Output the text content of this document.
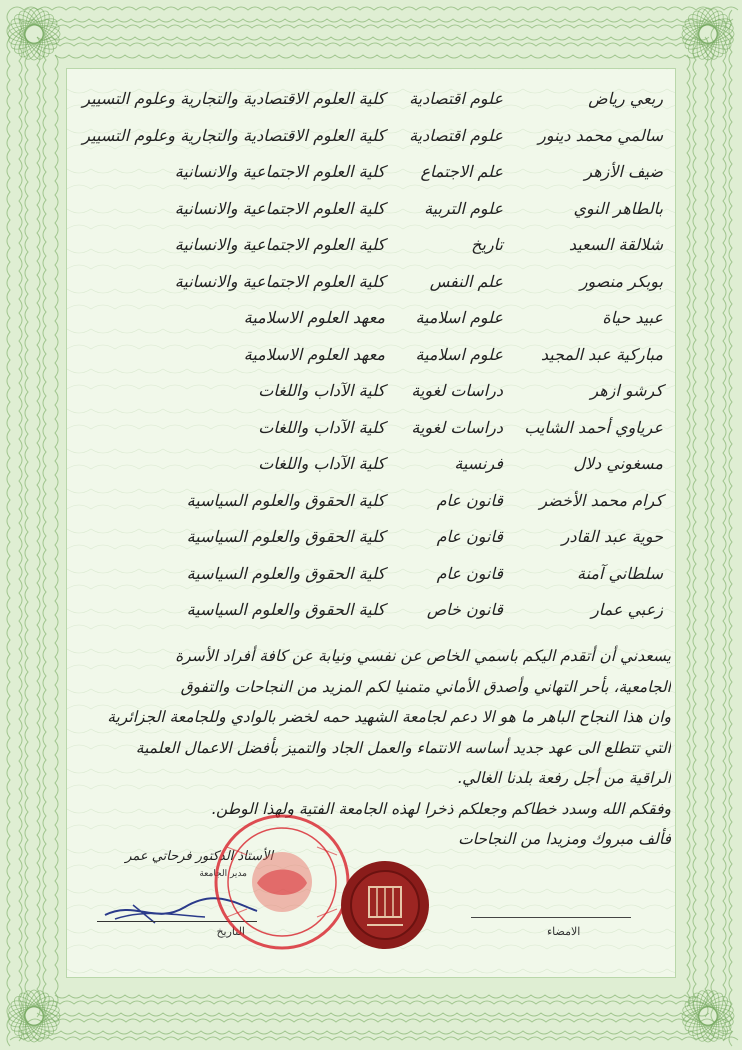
ربعي رياض
علوم اقتصادية
كلية العلوم الاقتصادية والتجارية وعلوم التسيير
سالمي محمد دينور
علوم اقتصادية
كلية العلوم الاقتصادية والتجارية وعلوم التسيير
ضيف الأزهر
علم الاجتماع
كلية العلوم الاجتماعية والانسانية
بالطاهر النوي
علوم التربية
كلية العلوم الاجتماعية والانسانية
شلالقة السعيد
تاريخ
كلية العلوم الاجتماعية والانسانية
بوبكر منصور
علم النفس
كلية العلوم الاجتماعية والانسانية
عبيد حياة
علوم اسلامية
معهد العلوم الاسلامية
مباركية عبد المجيد
علوم اسلامية
معهد العلوم الاسلامية
كرشو ازهر
دراسات لغوية
كلية الآداب واللغات
عرياوي أحمد الشايب
دراسات لغوية
كلية الآداب واللغات
مسغوني دلال
فرنسية
كلية الآداب واللغات
كرام محمد الأخضر
قانون عام
كلية الحقوق والعلوم السياسية
حوية عبد القادر
قانون عام
كلية الحقوق والعلوم السياسية
سلطاني آمنة
قانون عام
كلية الحقوق والعلوم السياسية
زعبي عمار
قانون خاص
كلية الحقوق والعلوم السياسية
يسعدني أن أتقدم اليكم باسمي الخاص عن نفسي ونيابة عن كافة أفراد الأسرة
الجامعية، بأحر التهاني وأصدق الأماني متمنيا لكم المزيد من النجاحات والتفوق
وان هذا النجاح الباهر ما هو الا دعم لجامعة الشهيد حمه لخضر بالوادي وللجامعة الجزائرية
التي تتطلع الى عهد جديد أساسه الانتماء والعمل الجاد والتميز بأفضل الاعمال العلمية
الراقية من أجل رفعة بلدنا الغالي.
وفقكم الله وسدد خطاكم وجعلكم ذخرا لهذه الجامعة الفتية ولهذا الوطن.
فألف مبروك ومزيدا من النجاحات
الأستاذ الدكتور فرحاتي عمر
مدير الجامعة
التاريخ	الامضاء
